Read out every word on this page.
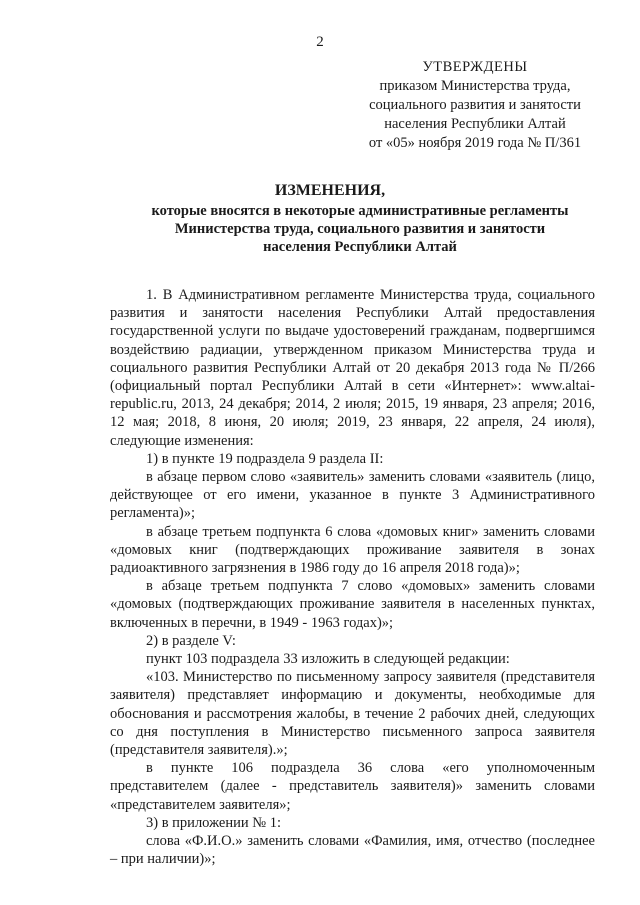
2
УТВЕРЖДЕНЫ
приказом Министерства труда,
социального развития и занятости
населения Республики Алтай
от «05» ноября 2019 года № П/361
ИЗМЕНЕНИЯ,
которые вносятся в некоторые административные регламенты
Министерства труда, социального развития и занятости
населения Республики Алтай

1. В Административном регламенте Министерства труда, социального развития и занятости населения Республики Алтай предоставления государственной услуги по выдаче удостоверений гражданам, подвергшимся воздействию радиации, утвержденном приказом Министерства труда и социального развития Республики Алтай от 20 декабря 2013 года № П/266 (официальный портал Республики Алтай в сети «Интернет»: www.altai-republic.ru, 2013, 24 декабря; 2014, 2 июля; 2015, 19 января, 23 апреля; 2016, 12 мая; 2018, 8 июня, 20 июля; 2019, 23 января, 22 апреля, 24 июля), следующие изменения:

1) в пункте 19 подраздела 9 раздела II:

в абзаце первом слово «заявитель» заменить словами «заявитель (лицо, действующее от его имени, указанное в пункте 3 Административного регламента)»;

в абзаце третьем подпункта 6 слова «домовых книг» заменить словами «домовых книг (подтверждающих проживание заявителя в зонах радиоактивного загрязнения в 1986 году до 16 апреля 2018 года)»;

в абзаце третьем подпункта 7 слово «домовых» заменить словами «домовых (подтверждающих проживание заявителя в населенных пунктах, включенных в перечни, в 1949 - 1963 годах)»;

2) в разделе V:

пункт 103 подраздела 33 изложить в следующей редакции:

«103. Министерство по письменному запросу заявителя (представителя заявителя) представляет информацию и документы, необходимые для обоснования и рассмотрения жалобы, в течение 2 рабочих дней, следующих со дня поступления в Министерство письменного запроса заявителя (представителя заявителя).»;

в пункте 106 подраздела 36 слова «его уполномоченным представителем (далее - представитель заявителя)» заменить словами «представителем заявителя»;

3) в приложении № 1:

слова «Ф.И.О.» заменить словами «Фамилия, имя, отчество (последнее – при наличии)»;
